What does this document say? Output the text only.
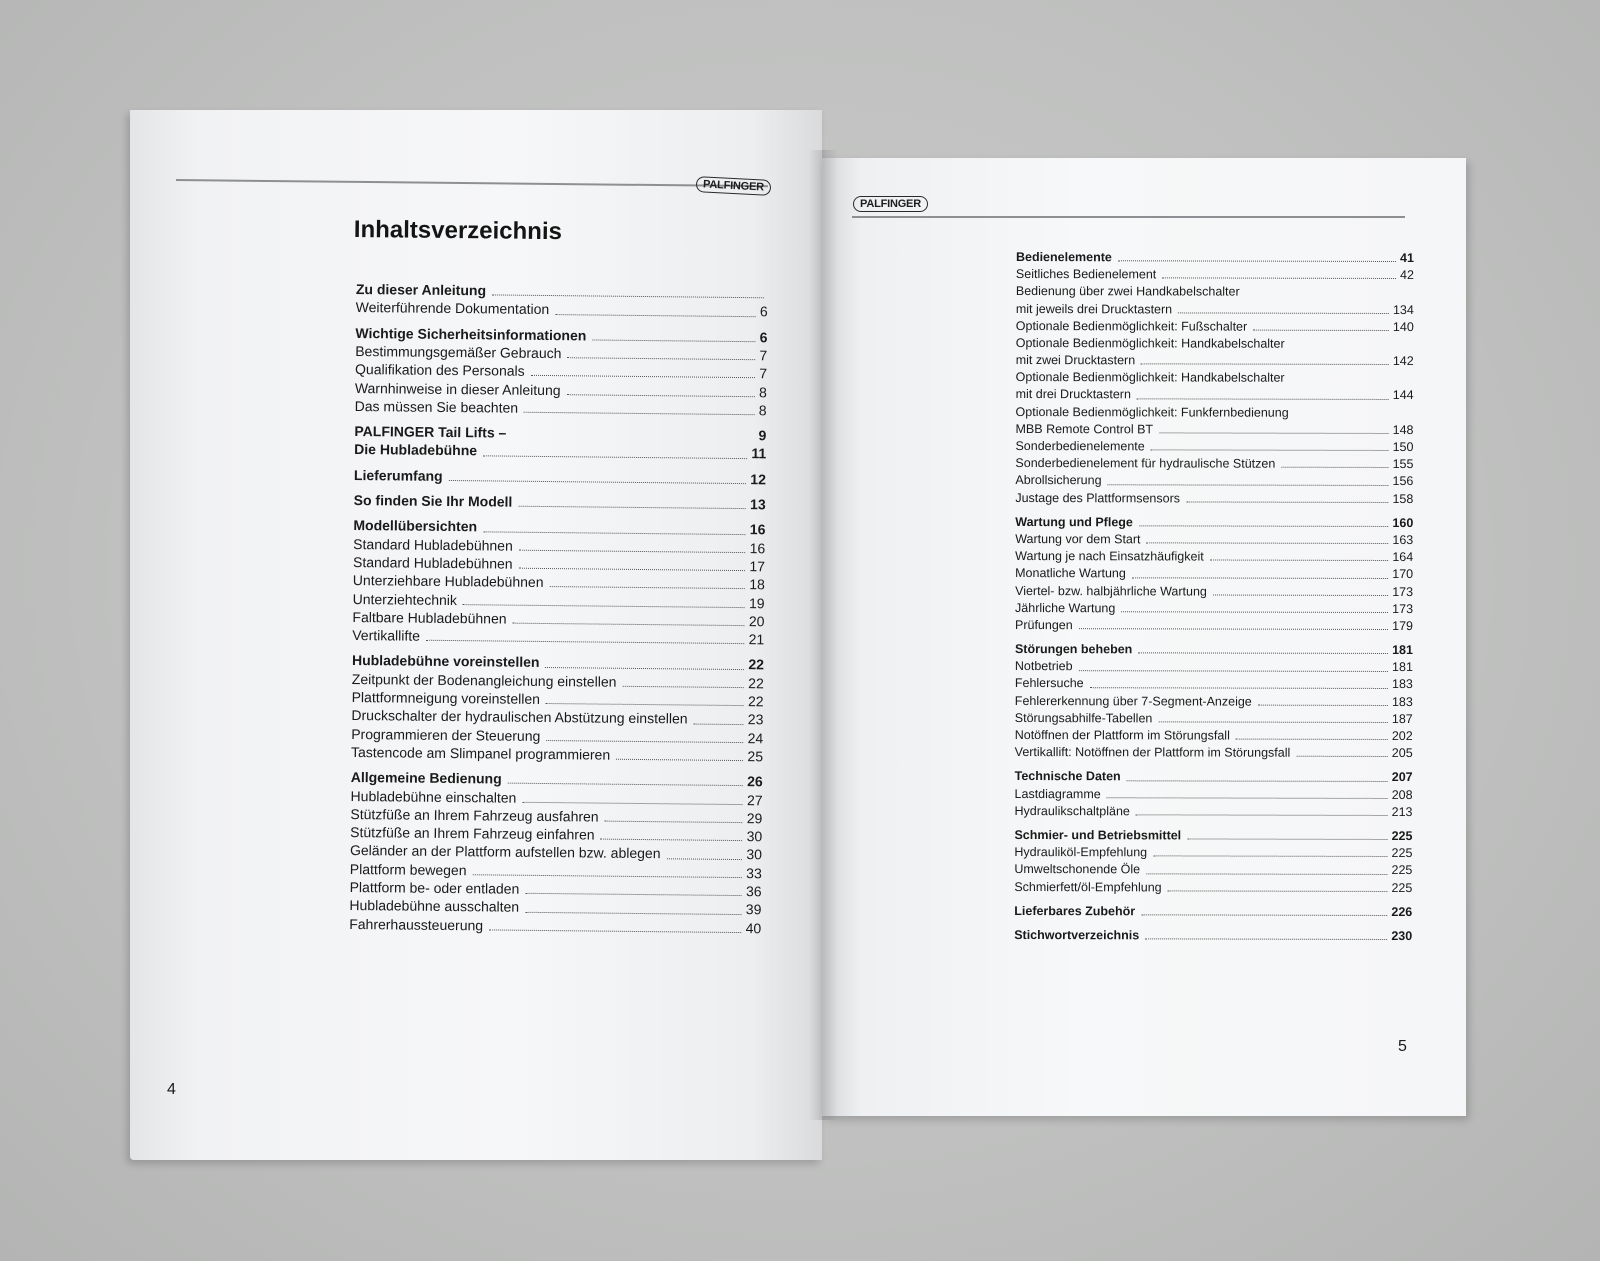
PALFINGER
Inhaltsverzeichnis
Zu dieser Anleitung
Weiterführende Dokumentation	6
Wichtige Sicherheitsinformationen	6
Bestimmungsgemäßer Gebrauch	7
Qualifikation des Personals	7
Warnhinweise in dieser Anleitung	8
Das müssen Sie beachten	8
PALFINGER Tail Lifts –	9
Die Hubladebühne	11
Lieferumfang	12
So finden Sie Ihr Modell	13
Modellübersichten	16
Standard Hubladebühnen	16
Standard Hubladebühnen	17
Unterziehbare Hubladebühnen	18
Unterziehtechnik	19
Faltbare Hubladebühnen	20
Vertikallifte	21
Hubladebühne voreinstellen	22
Zeitpunkt der Bodenangleichung einstellen	22
Plattformneigung voreinstellen	22
Druckschalter der hydraulischen Abstützung einstellen	23
Programmieren der Steuerung	24
Tastencode am Slimpanel programmieren	25
Allgemeine Bedienung	26
Hubladebühne einschalten	27
Stützfüße an Ihrem Fahrzeug ausfahren	29
Stützfüße an Ihrem Fahrzeug einfahren	30
Geländer an der Plattform aufstellen bzw. ablegen	30
Plattform bewegen	33
Plattform be- oder entladen	36
Hubladebühne ausschalten	39
Fahrerhaussteuerung	40
4
PALFINGER
Bedienelemente	41
Seitliches Bedienelement	42
Bedienung über zwei Handkabelschalter
mit jeweils drei Drucktastern	134
Optionale Bedienmöglichkeit: Fußschalter	140
Optionale Bedienmöglichkeit: Handkabelschalter
mit zwei Drucktastern	142
Optionale Bedienmöglichkeit: Handkabelschalter
mit drei Drucktastern	144
Optionale Bedienmöglichkeit: Funkfernbedienung
MBB Remote Control BT	148
Sonderbedienelemente	150
Sonderbedienelement für hydraulische Stützen	155
Abrollsicherung	156
Justage des Plattformsensors	158
Wartung und Pflege	160
Wartung vor dem Start	163
Wartung je nach Einsatzhäufigkeit	164
Monatliche Wartung	170
Viertel- bzw. halbjährliche Wartung	173
Jährliche Wartung	173
Prüfungen	179
Störungen beheben	181
Notbetrieb	181
Fehlersuche	183
Fehlererkennung über 7-Segment-Anzeige	183
Störungsabhilfe-Tabellen	187
Notöffnen der Plattform im Störungsfall	202
Vertikallift: Notöffnen der Plattform im Störungsfall	205
Technische Daten	207
Lastdiagramme	208
Hydraulikschaltpläne	213
Schmier- und Betriebsmittel	225
Hydrauliköl-Empfehlung	225
Umweltschonende Öle	225
Schmierfett/öl-Empfehlung	225
Lieferbares Zubehör	226
Stichwortverzeichnis	230
5
